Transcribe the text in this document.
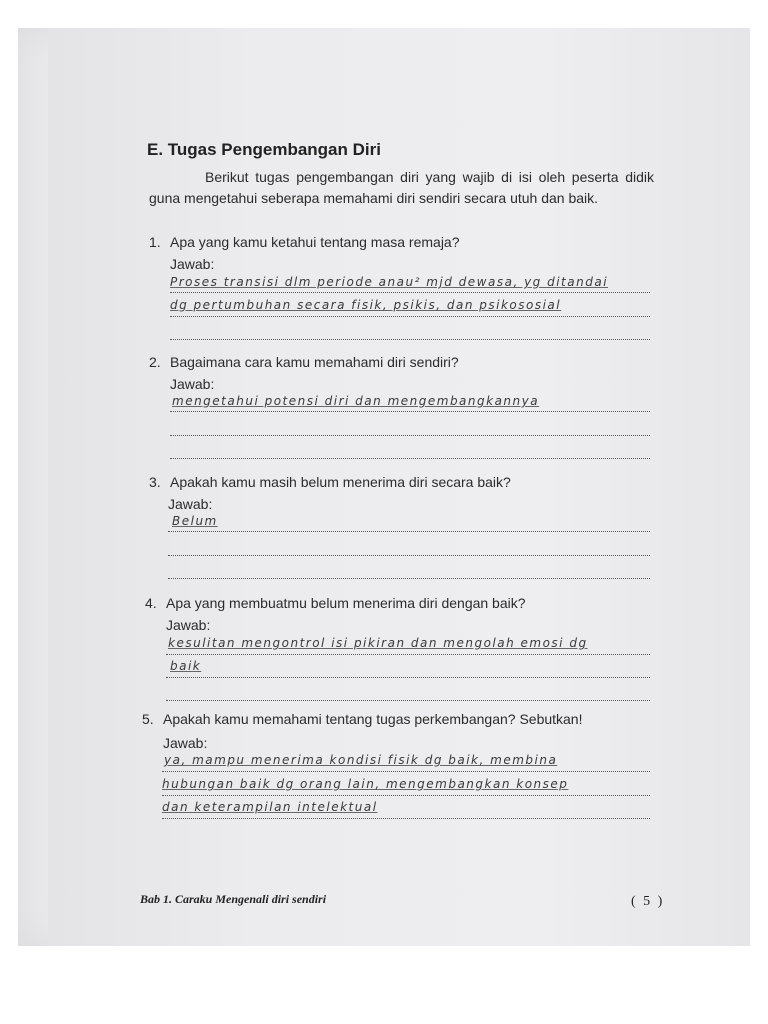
E. Tugas Pengembangan Diri
Berikut tugas pengembangan diri yang wajib di isi oleh peserta didik guna mengetahui seberapa memahami diri sendiri secara utuh dan baik.
1. Apa yang kamu ketahui tentang masa remaja?
Jawab:
Proses transisi dlm periode anau² mjd dewasa, yg ditandai
dg pertumbuhan secara fisik, psikis, dan psikososial
2. Bagaimana cara kamu memahami diri sendiri?
Jawab:
mengetahui potensi diri dan mengembangkannya
3. Apakah kamu masih belum menerima diri secara baik?
Jawab:
Belum
4. Apa yang membuatmu belum menerima diri dengan baik?
Jawab:
kesulitan mengontrol isi pikiran dan mengolah emosi dg
baik
5. Apakah kamu memahami tentang tugas perkembangan? Sebutkan!
Jawab:
ya, mampu menerima kondisi fisik dg baik, membina
hubungan baik dg orang lain, mengembangkan konsep
dan keterampilan intelektual
Bab 1. Caraku Mengenali diri sendiri	( 5 )
